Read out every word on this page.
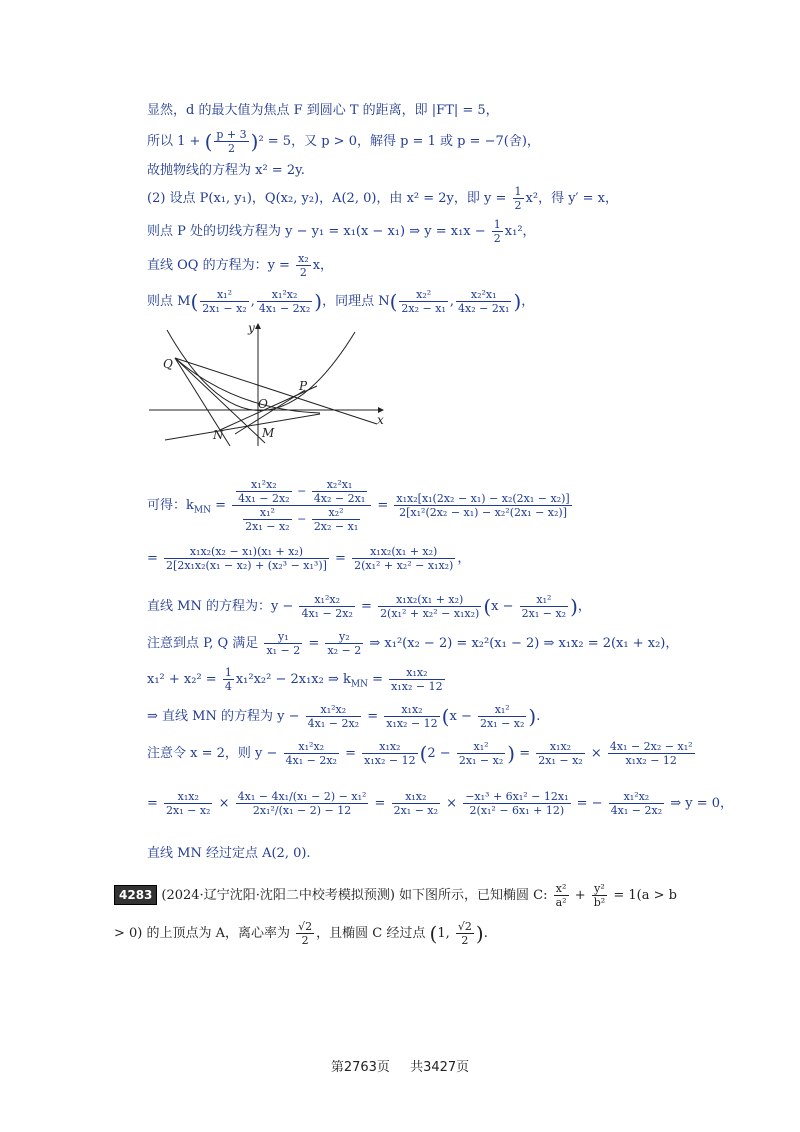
显然，d 的最大值为焦点 F 到圆心 T 的距离，即 |FT| = 5，
所以 1 + ( $\frac{p + 3}{2} )^2 = 5$，又 p > 0，解得 p = 1 或 p = −7(舍)，
故抛物线的方程为 x² = 2y.
(2) 设点 P(x₁, y₁)，Q(x₂, y₂)，A(2, 0)，由 x² = 2y，即 $y = \frac{1}{2} x^2$，得 y′ = x，
则点 P 处的切线方程为 y − y₁ = x₁(x − x₁) ⇒ $y = x_1x - \frac{1}{2} x_1^2$，
直线 OQ 的方程为：$y = \frac{\text{x₂}}{2}$ x，
则点 $M( \frac{\text{x₁²}}{\text{2x₁ − x₂}}$ , $\frac{\text{x₁²x₂}}{\text{4x₁ − 2x₂}}$ )，同理点 $N( \frac{\text{x₂²}}{\text{2x₂ − x₁}}$ , $\frac{\text{x₂²x₁}}{\text{4x₂ − 2x₁}}$ )，
y
x
Q
O
P
N	M
可得：$k_{MN} = \frac{\frac{\text{x₁²x₂}}{\text{4x₁ − 2x₂}} - \frac{\text{x₂²x₁}}{\text{4x₂ − 2x₁}}}{\frac{\text{x₁²}}{\text{2x₁ − x₂}} - \frac{\text{x₂²}}{\text{2x₂ − x₁}}} = \frac{\text{x₁x₂[x₁(2x₂ − x₁) − x₂(2x₁ − x₂)]}}{\text{2[x₁²(2x₂ − x₁) − x₂²(2x₁ − x₂)]}}$
= $\frac{\text{x₁x₂(x₂ − x₁)(x₁ + x₂)}}{\text{2[2x₁x₂(x₁ − x₂) + (x₂³ − x₁³)]}} = \frac{\text{x₁x₂(x₁ + x₂)}}{\text{2(x₁² + x₂² − x₁x₂)}}$ ，
直线 MN 的方程为：$y - \frac{\text{x₁²x₂}}{\text{4x₁ − 2x₂}} = \frac{\text{x₁x₂(x₁ + x₂)}}{\text{2(x₁² + x₂² − x₁x₂)}} (x - \frac{\text{x₁²}}{\text{2x₁ − x₂}}$ )，
注意到点 P, Q 满足 $\frac{\text{y₁}}{\text{x₁ − 2}} = \frac{\text{y₂}}{\text{x₂ − 2}}$ ⇒ x₁²(x₂ − 2) = x₂²(x₁ − 2) ⇒ x₁x₂ = 2(x₁ + x₂)，
$x_1^2 + x_2^2 = \frac{1}{4} x_1^2x_2^2 - 2x_1x_2$ ⇒ $k_{MN} = \frac{\text{x₁x₂}}{\text{x₁x₂ − 12}}$
⇒ 直线 MN 的方程为 $y - \frac{\text{x₁²x₂}}{\text{4x₁ − 2x₂}} = \frac{\text{x₁x₂}}{\text{x₁x₂ − 12}} (x - \frac{\text{x₁²}}{\text{2x₁ − x₂}}$ ).
注意令 x = 2，则 $y - \frac{\text{x₁²x₂}}{\text{4x₁ − 2x₂}} = \frac{\text{x₁x₂}}{\text{x₁x₂ − 12}} (2 - \frac{\text{x₁²}}{\text{2x₁ − x₂}}$ ) = $\frac{\text{x₁x₂}}{\text{2x₁ − x₂}} \times \frac{\text{4x₁ − 2x₂ − x₁²}}{\text{x₁x₂ − 12}}$
= $\frac{\text{x₁x₂}}{\text{2x₁ − x₂}} \times \frac{\text{4x₁ − 4x₁/(x₁ − 2) − x₁²}}{\text{2x₁²/(x₁ − 2) − 12}} = \frac{\text{x₁x₂}}{\text{2x₁ − x₂}} \times \frac{\text{−x₁³ + 6x₁² − 12x₁}}{\text{2(x₁² − 6x₁ + 12)}}$ = − $\frac{\text{x₁²x₂}}{\text{4x₁ − 2x₂}}$ ⇒ y = 0，
直线 MN 经过定点 A(2, 0).
4283 (2024·辽宁沈阳·沈阳二中校考模拟预测) 如下图所示，已知椭圆 C: $\frac{\text{x²}}{\text{a²}} + \frac{\text{y²}}{\text{b²}} = 1(a > b$
> 0) 的上顶点为 A，离心率为 $\frac{√2}{2}$ ，且椭圆 C 经过点 (1, $\frac{√2}{2}$ ).
第2763页 共3427页
